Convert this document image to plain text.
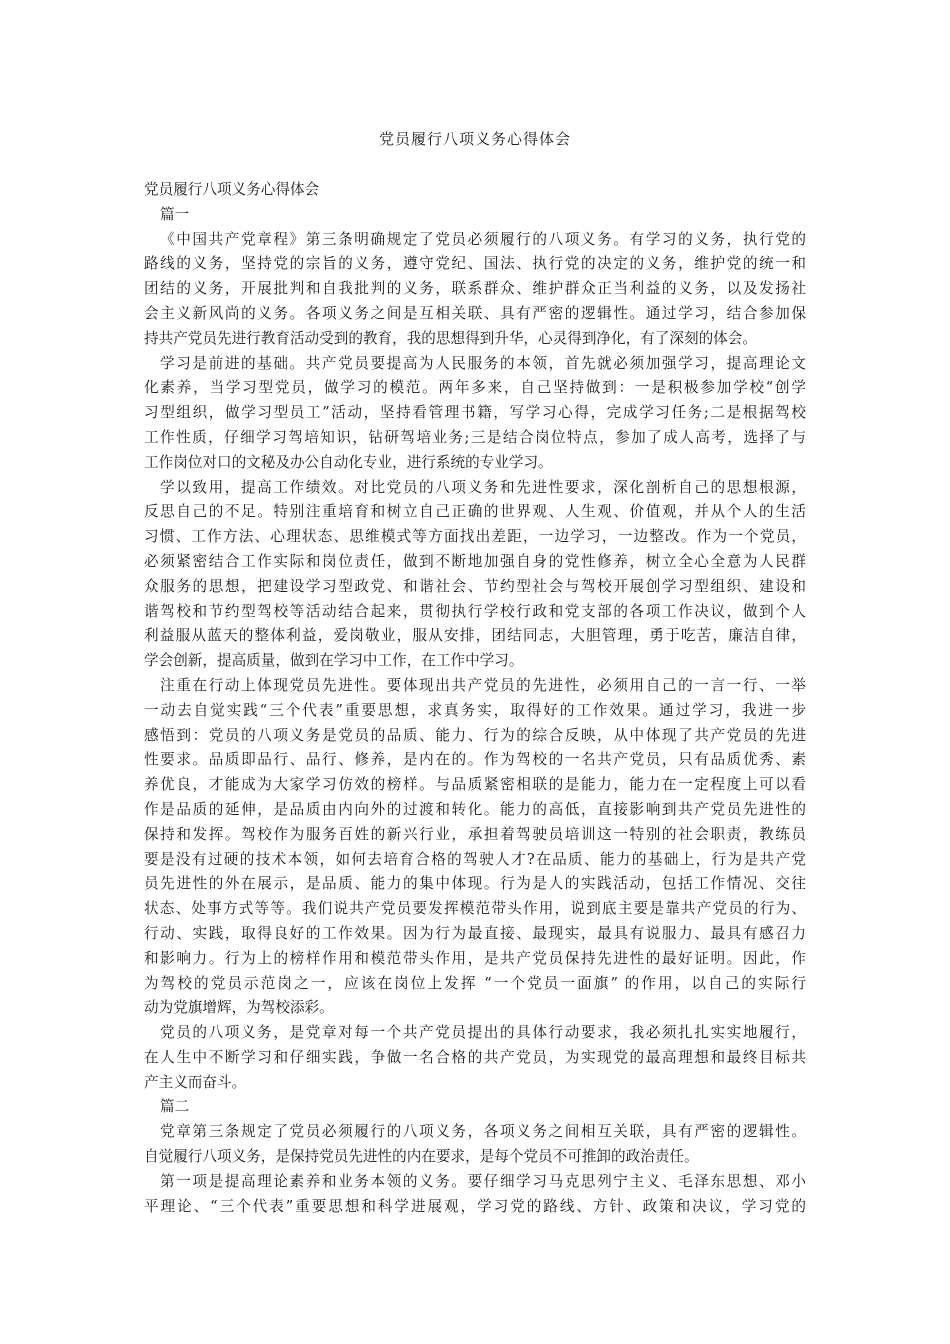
党员履行八项义务心得体会
党员履行八项义务心得体会
篇一
《中国共产党章程》第三条明确规定了党员必须履行的八项义务。有学习的义务，执行党的
路线的义务，坚持党的宗旨的义务，遵守党纪、国法、执行党的决定的义务，维护党的统一和
团结的义务，开展批判和自我批判的义务，联系群众、维护群众正当利益的义务，以及发扬社
会主义新风尚的义务。各项义务之间是互相关联、具有严密的逻辑性。通过学习，结合参加保
持共产党员先进行教育活动受到的教育，我的思想得到升华，心灵得到净化，有了深刻的体会。
学习是前进的基础。共产党员要提高为人民服务的本领，首先就必须加强学习，提高理论文
化素养，当学习型党员，做学习的模范。两年多来，自己坚持做到：一是积极参加学校“创学
习型组织，做学习型员工”活动，坚持看管理书籍，写学习心得，完成学习任务;二是根据驾校
工作性质，仔细学习驾培知识，钻研驾培业务;三是结合岗位特点，参加了成人高考，选择了与
工作岗位对口的文秘及办公自动化专业，进行系统的专业学习。
学以致用，提高工作绩效。对比党员的八项义务和先进性要求，深化剖析自己的思想根源，
反思自己的不足。特别注重培育和树立自己正确的世界观、人生观、价值观，并从个人的生活
习惯、工作方法、心理状态、思维模式等方面找出差距，一边学习，一边整改。作为一个党员，
必须紧密结合工作实际和岗位责任，做到不断地加强自身的党性修养，树立全心全意为人民群
众服务的思想，把建设学习型政党、和谐社会、节约型社会与驾校开展创学习型组织、建设和
谐驾校和节约型驾校等活动结合起来，贯彻执行学校行政和党支部的各项工作决议，做到个人
利益服从蓝天的整体利益，爱岗敬业，服从安排，团结同志，大胆管理，勇于吃苦，廉洁自律，
学会创新，提高质量，做到在学习中工作，在工作中学习。
注重在行动上体现党员先进性。要体现出共产党员的先进性，必须用自己的一言一行、一举
一动去自觉实践“三个代表”重要思想，求真务实，取得好的工作效果。通过学习，我进一步
感悟到：党员的八项义务是党员的品质、能力、行为的综合反映，从中体现了共产党员的先进
性要求。品质即品行、品行、修养，是内在的。作为驾校的一名共产党员，只有品质优秀、素
养优良，才能成为大家学习仿效的榜样。与品质紧密相联的是能力，能力在一定程度上可以看
作是品质的延伸，是品质由内向外的过渡和转化。能力的高低，直接影响到共产党员先进性的
保持和发挥。驾校作为服务百姓的新兴行业，承担着驾驶员培训这一特别的社会职责，教练员
要是没有过硬的技术本领，如何去培育合格的驾驶人才?在品质、能力的基础上，行为是共产党
员先进性的外在展示，是品质、能力的集中体现。行为是人的实践活动，包括工作情况、交往
状态、处事方式等等。我们说共产党员要发挥模范带头作用，说到底主要是靠共产党员的行为、
行动、实践，取得良好的工作效果。因为行为最直接、最现实，最具有说服力、最具有感召力
和影响力。行为上的榜样作用和模范带头作用，是共产党员保持先进性的最好证明。因此，作
为驾校的党员示范岗之一，应该在岗位上发挥 “一个党员一面旗” 的作用，以自己的实际行
动为党旗增辉，为驾校添彩。
党员的八项义务，是党章对每一个共产党员提出的具体行动要求，我必须扎扎实实地履行，
在人生中不断学习和仔细实践，争做一名合格的共产党员，为实现党的最高理想和最终目标共
产主义而奋斗。
篇二
党章第三条规定了党员必须履行的八项义务，各项义务之间相互关联，具有严密的逻辑性。
自觉履行八项义务，是保持党员先进性的内在要求，是每个党员不可推卸的政治责任。
第一项是提高理论素养和业务本领的义务。要仔细学习马克思列宁主义、毛泽东思想、邓小
平理论、“三个代表”重要思想和科学进展观，学习党的路线、方针、政策和决议，学习党的
